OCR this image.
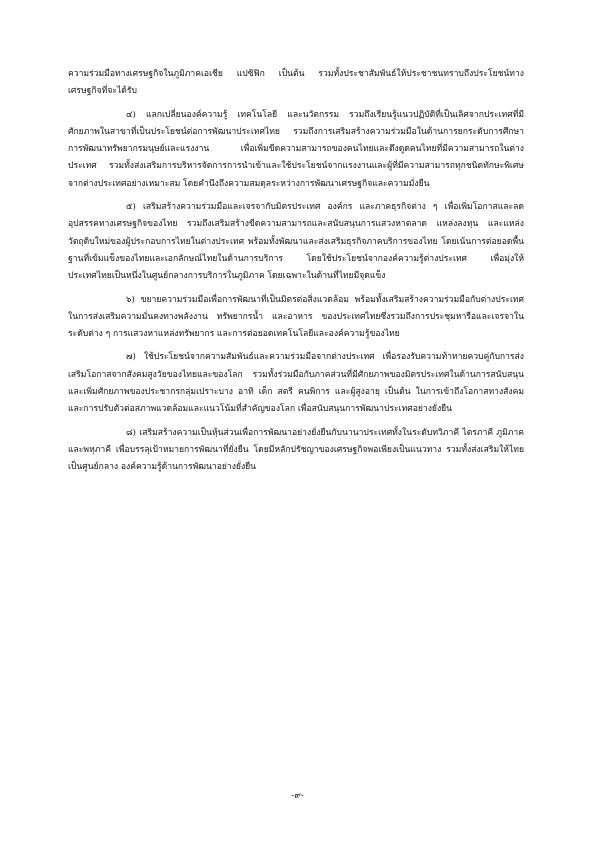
ความร่วมมือทางเศรษฐกิจในภูมิภาคเอเชีย แปซิฟิก เป็นต้น รวมทั้งประชาสัมพันธ์ให้ประชาชนทราบถึงประโยชน์ทางเศรษฐกิจที่จะได้รับ

๔) แลกเปลี่ยนองค์ความรู้ เทคโนโลยี และนวัตกรรม รวมถึงเรียนรู้แนวปฏิบัติที่เป็นเลิศจากประเทศที่มีศักยภาพในสาขาที่เป็นประโยชน์ต่อการพัฒนาประเทศไทย รวมถึงการเสริมสร้างความร่วมมือในด้านการยกระดับการศึกษา การพัฒนาทรัพยากรมนุษย์และแรงงาน เพื่อเพิ่มขีดความสามารถของคนไทยและดึงดูดคนไทยที่มีความสามารถในต่างประเทศ รวมทั้งส่งเสริมการบริหารจัดการการนำเข้าและใช้ประโยชน์จากแรงงานและผู้ที่มีความสามารถทุกชนิดทักษะพิเศษจากต่างประเทศอย่างเหมาะสม โดยคำนึงถึงความสมดุลระหว่างการพัฒนาเศรษฐกิจและความมั่งยืน

๕) เสริมสร้างความร่วมมือและเจรจากับมิตรประเทศ องค์กร และภาคธุรกิจต่าง ๆ เพื่อเพิ่มโอกาสและลดอุปสรรคทางเศรษฐกิจของไทย รวมถึงเสริมสร้างขีดความสามารถและสนับสนุนการแสวงหาตลาด แหล่งลงทุน และแหล่งวัตถุดิบใหม่ของผู้ประกอบการไทยในต่างประเทศ พร้อมทั้งพัฒนาและส่งเสริมธุรกิจภาคบริการของไทย โดยเน้นการต่อยอดพื้นฐานที่เข้มแข็งของไทยและเอกลักษณ์ไทยในด้านการบริการ โดยใช้ประโยชน์จากองค์ความรู้ต่างประเทศ เพื่อมุ่งให้ประเทศไทยเป็นหนึ่งในศูนย์กลางการบริการในภูมิภาค โดยเฉพาะในด้านที่ไทยมีจุดแข็ง

๖) ขยายความร่วมมือเพื่อการพัฒนาที่เป็นมิตรต่อสิ่งแวดล้อม พร้อมทั้งเสริมสร้างความร่วมมือกับต่างประเทศ ในการส่งเสริมความมั่นคงทางพลังงาน ทรัพยากรน้ำ และอาหาร ของประเทศไทยซึ่งรวมถึงการประชุมหารือและเจรจาในระดับต่าง ๆ การแสวงหาแหล่งทรัพยากร และการต่อยอดเทคโนโลยีและองค์ความรู้ของไทย

๗) ใช้ประโยชน์จากความสัมพันธ์และความร่วมมือจากต่างประเทศ เพื่อรองรับความท้าทายควบคู่กับการส่งเสริมโอกาสจากสังคมสูงวัยของไทยและของโลก รวมทั้งร่วมมือกับภาคส่วนที่มีศักยภาพของมิตรประเทศในด้านการสนับสนุนและเพิ่มศักยภาพของประชากรกลุ่มเปราะบาง อาทิ เด็ก สตรี คนพิการ และผู้สูงอายุ เป็นต้น ในการเข้าถึงโอกาสทางสังคม และการปรับตัวต่อสภาพแวดล้อมและแนวโน้มที่สำคัญของโลก เพื่อสนับสนุนการพัฒนาประเทศอย่างยั่งยืน

๘) เสริมสร้างความเป็นหุ้นส่วนเพื่อการพัฒนาอย่างยั่งยืนกับนานาประเทศทั้งในระดับทวิภาคี ไตรภาคี ภูมิภาค และพหุภาคี เพื่อบรรลุเป้าหมายการพัฒนาที่ยั่งยืน โดยมีหลักปรัชญาของเศรษฐกิจพอเพียงเป็นแนวทาง รวมทั้งส่งเสริมให้ไทยเป็นศูนย์กลาง องค์ความรู้ด้านการพัฒนาอย่างยั่งยืน

-๙-
